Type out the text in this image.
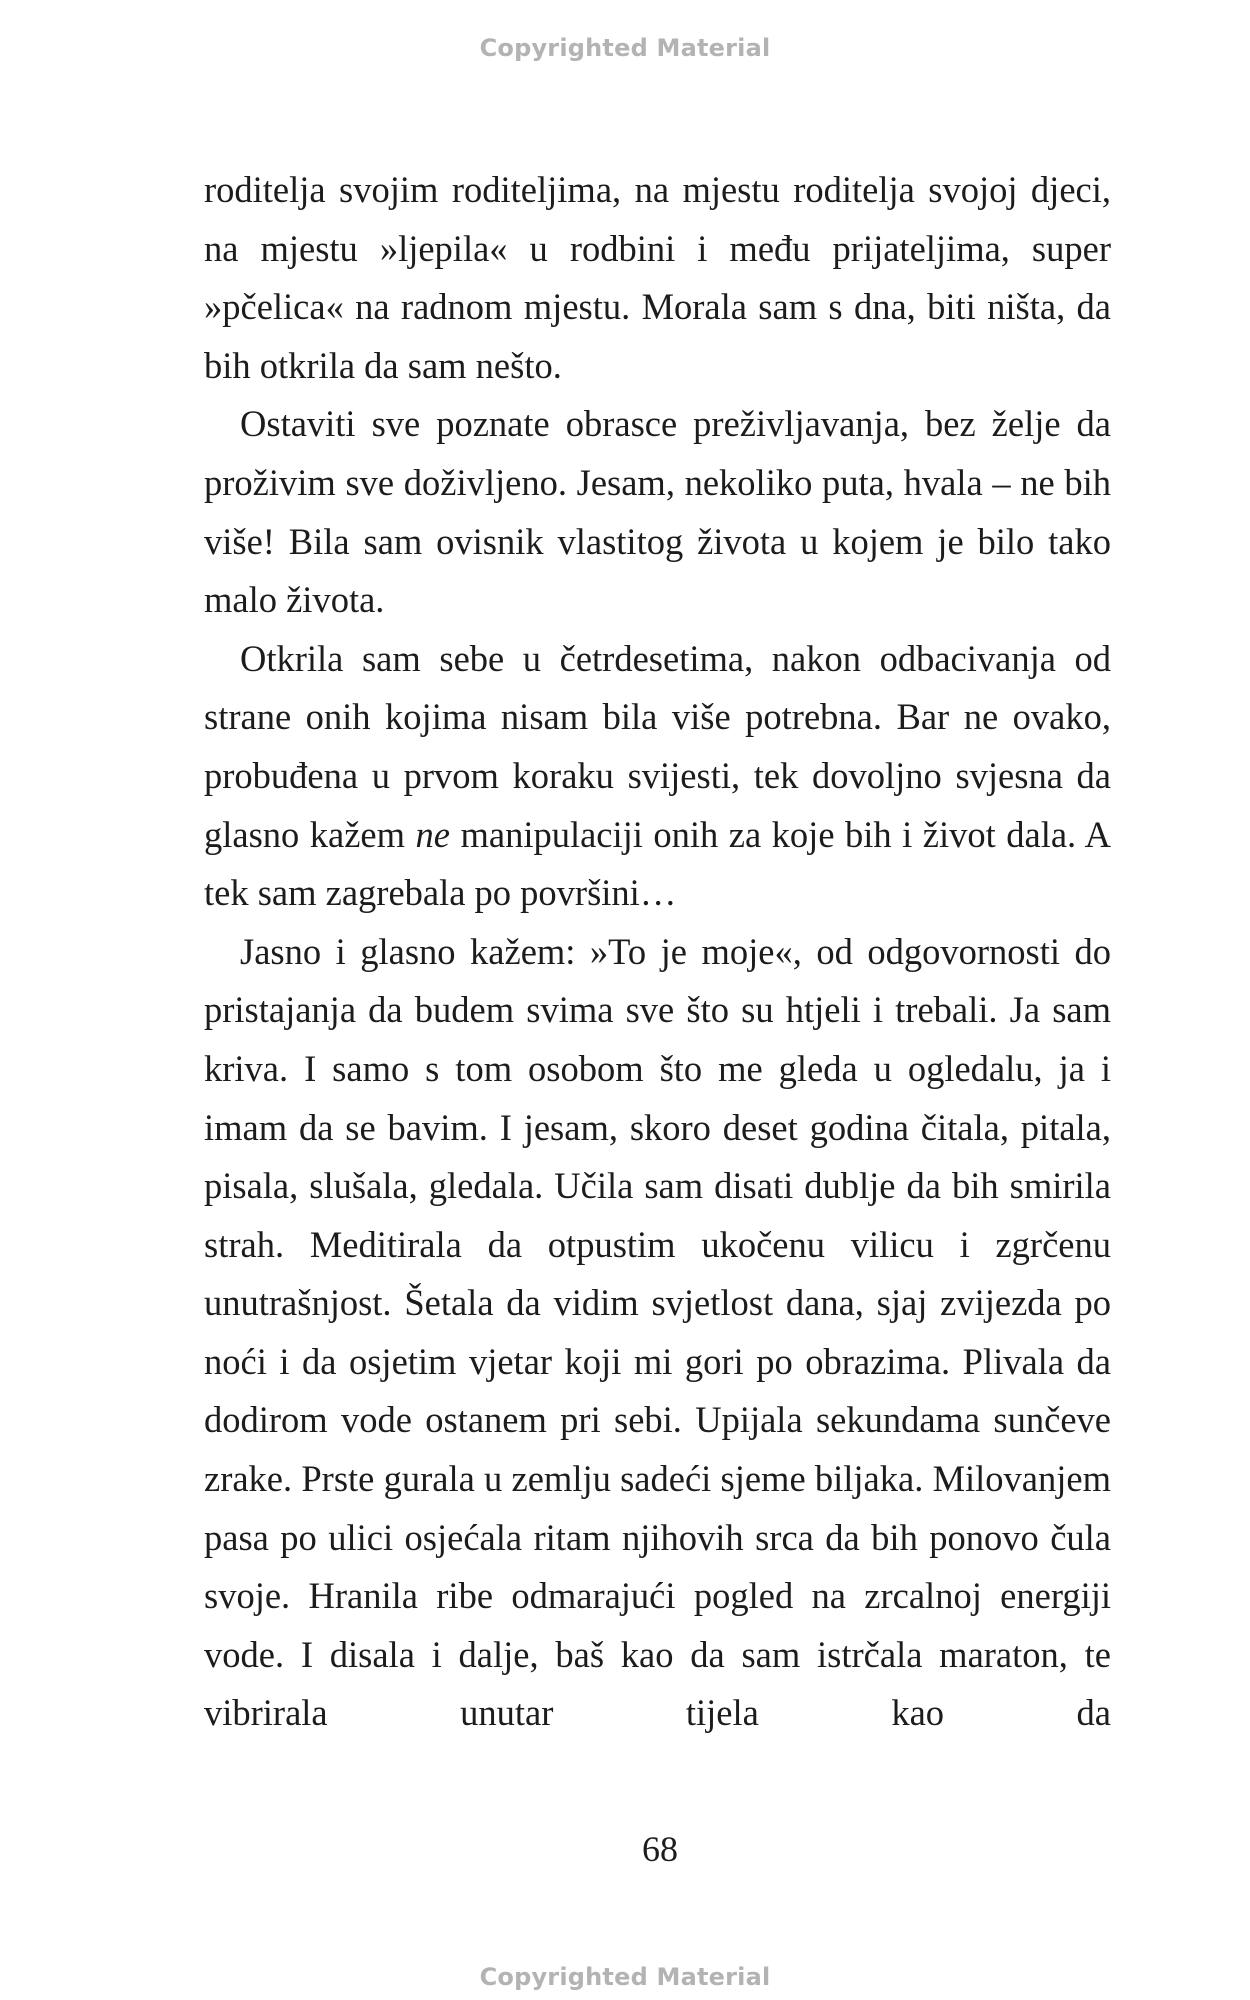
Copyrighted Material

roditelja svojim roditeljima, na mjestu roditelja svojoj djeci, na mjestu »ljepila« u rodbini i među prijateljima, super »pčelica« na radnom mjestu. Morala sam s dna, biti ništa, da bih otkrila da sam nešto.

Ostaviti sve poznate obrasce preživljavanja, bez želje da proživim sve doživljeno. Jesam, nekoliko puta, hvala – ne bih više! Bila sam ovisnik vlastitog života u kojem je bilo tako malo života.

Otkrila sam sebe u četrdesetima, nakon odbacivanja od strane onih kojima nisam bila više potrebna. Bar ne ovako, probuđena u prvom koraku svijesti, tek dovoljno svjesna da glasno kažem ne manipulaciji onih za koje bih i život dala. A tek sam zagrebala po površini…

Jasno i glasno kažem: »To je moje«, od odgovornosti do pristajanja da budem svima sve što su htjeli i trebali. Ja sam kriva. I samo s tom osobom što me gleda u ogledalu, ja i imam da se bavim. I jesam, skoro deset godina čitala, pitala, pisala, slušala, gledala. Učila sam disati dublje da bih smirila strah. Meditirala da otpustim ukočenu vilicu i zgrčenu unutrašnjost. Šetala da vidim svjetlost dana, sjaj zvijezda po noći i da osjetim vjetar koji mi gori po obrazima. Plivala da dodirom vode ostanem pri sebi. Upijala sekundama sunčeve zrake. Prste gurala u zemlju sadeći sjeme biljaka. Milovanjem pasa po ulici osjećala ritam njihovih srca da bih ponovo čula svoje. Hranila ribe odmarajući pogled na zrcalnoj energiji vode. I disala i dalje, baš kao da sam istrčala maraton, te vibrirala unutar tijela kao da

68
Copyrighted Material
